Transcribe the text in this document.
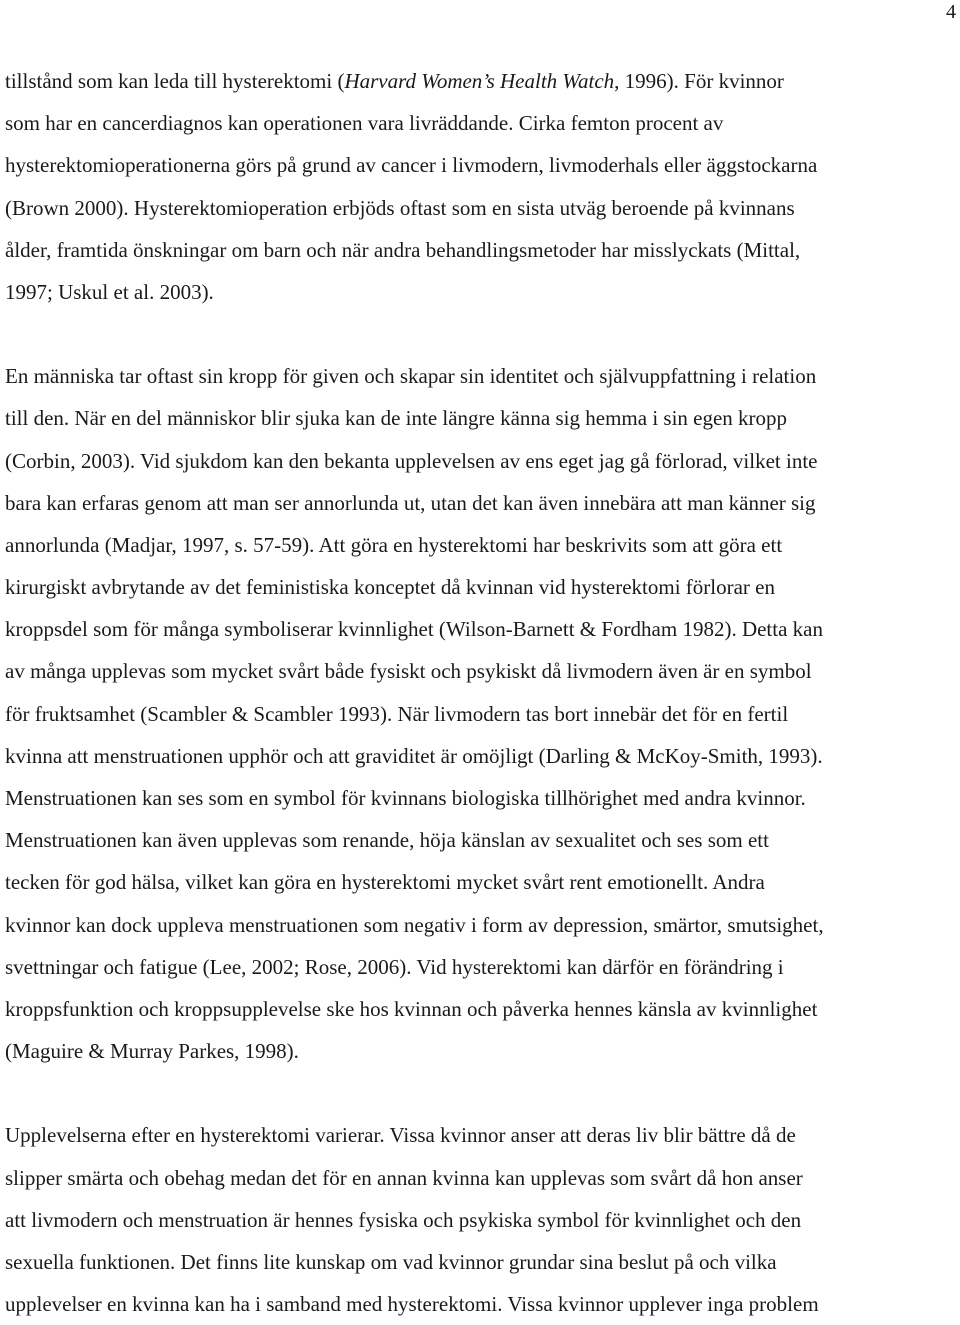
4

tillstånd som kan leda till hysterektomi (Harvard Women’s Health Watch, 1996). För kvinnor
som har en cancerdiagnos kan operationen vara livräddande. Cirka femton procent av
hysterektomioperationerna görs på grund av cancer i livmodern, livmoderhals eller äggstockarna
(Brown 2000). Hysterektomioperation erbjöds oftast som en sista utväg beroende på kvinnans
ålder, framtida önskningar om barn och när andra behandlingsmetoder har misslyckats (Mittal,
1997; Uskul et al. 2003).

En människa tar oftast sin kropp för given och skapar sin identitet och självuppfattning i relation
till den. När en del människor blir sjuka kan de inte längre känna sig hemma i sin egen kropp
(Corbin, 2003). Vid sjukdom kan den bekanta upplevelsen av ens eget jag gå förlorad, vilket inte
bara kan erfaras genom att man ser annorlunda ut, utan det kan även innebära att man känner sig
annorlunda (Madjar, 1997, s. 57-59). Att göra en hysterektomi har beskrivits som att göra ett
kirurgiskt avbrytande av det feministiska konceptet då kvinnan vid hysterektomi förlorar en
kroppsdel som för många symboliserar kvinnlighet (Wilson-Barnett & Fordham 1982). Detta kan
av många upplevas som mycket svårt både fysiskt och psykiskt då livmodern även är en symbol
för fruktsamhet (Scambler & Scambler 1993). När livmodern tas bort innebär det för en fertil
kvinna att menstruationen upphör och att graviditet är omöjligt (Darling & McKoy-Smith, 1993).
Menstruationen kan ses som en symbol för kvinnans biologiska tillhörighet med andra kvinnor.
Menstruationen kan även upplevas som renande, höja känslan av sexualitet och ses som ett
tecken för god hälsa, vilket kan göra en hysterektomi mycket svårt rent emotionellt. Andra
kvinnor kan dock uppleva menstruationen som negativ i form av depression, smärtor, smutsighet,
svettningar och fatigue (Lee, 2002; Rose, 2006). Vid hysterektomi kan därför en förändring i
kroppsfunktion och kroppsupplevelse ske hos kvinnan och påverka hennes känsla av kvinnlighet
(Maguire & Murray Parkes, 1998).

Upplevelserna efter en hysterektomi varierar. Vissa kvinnor anser att deras liv blir bättre då de
slipper smärta och obehag medan det för en annan kvinna kan upplevas som svårt då hon anser
att livmodern och menstruation är hennes fysiska och psykiska symbol för kvinnlighet och den
sexuella funktionen. Det finns lite kunskap om vad kvinnor grundar sina beslut på och vilka
upplevelser en kvinna kan ha i samband med hysterektomi. Vissa kvinnor upplever inga problem
